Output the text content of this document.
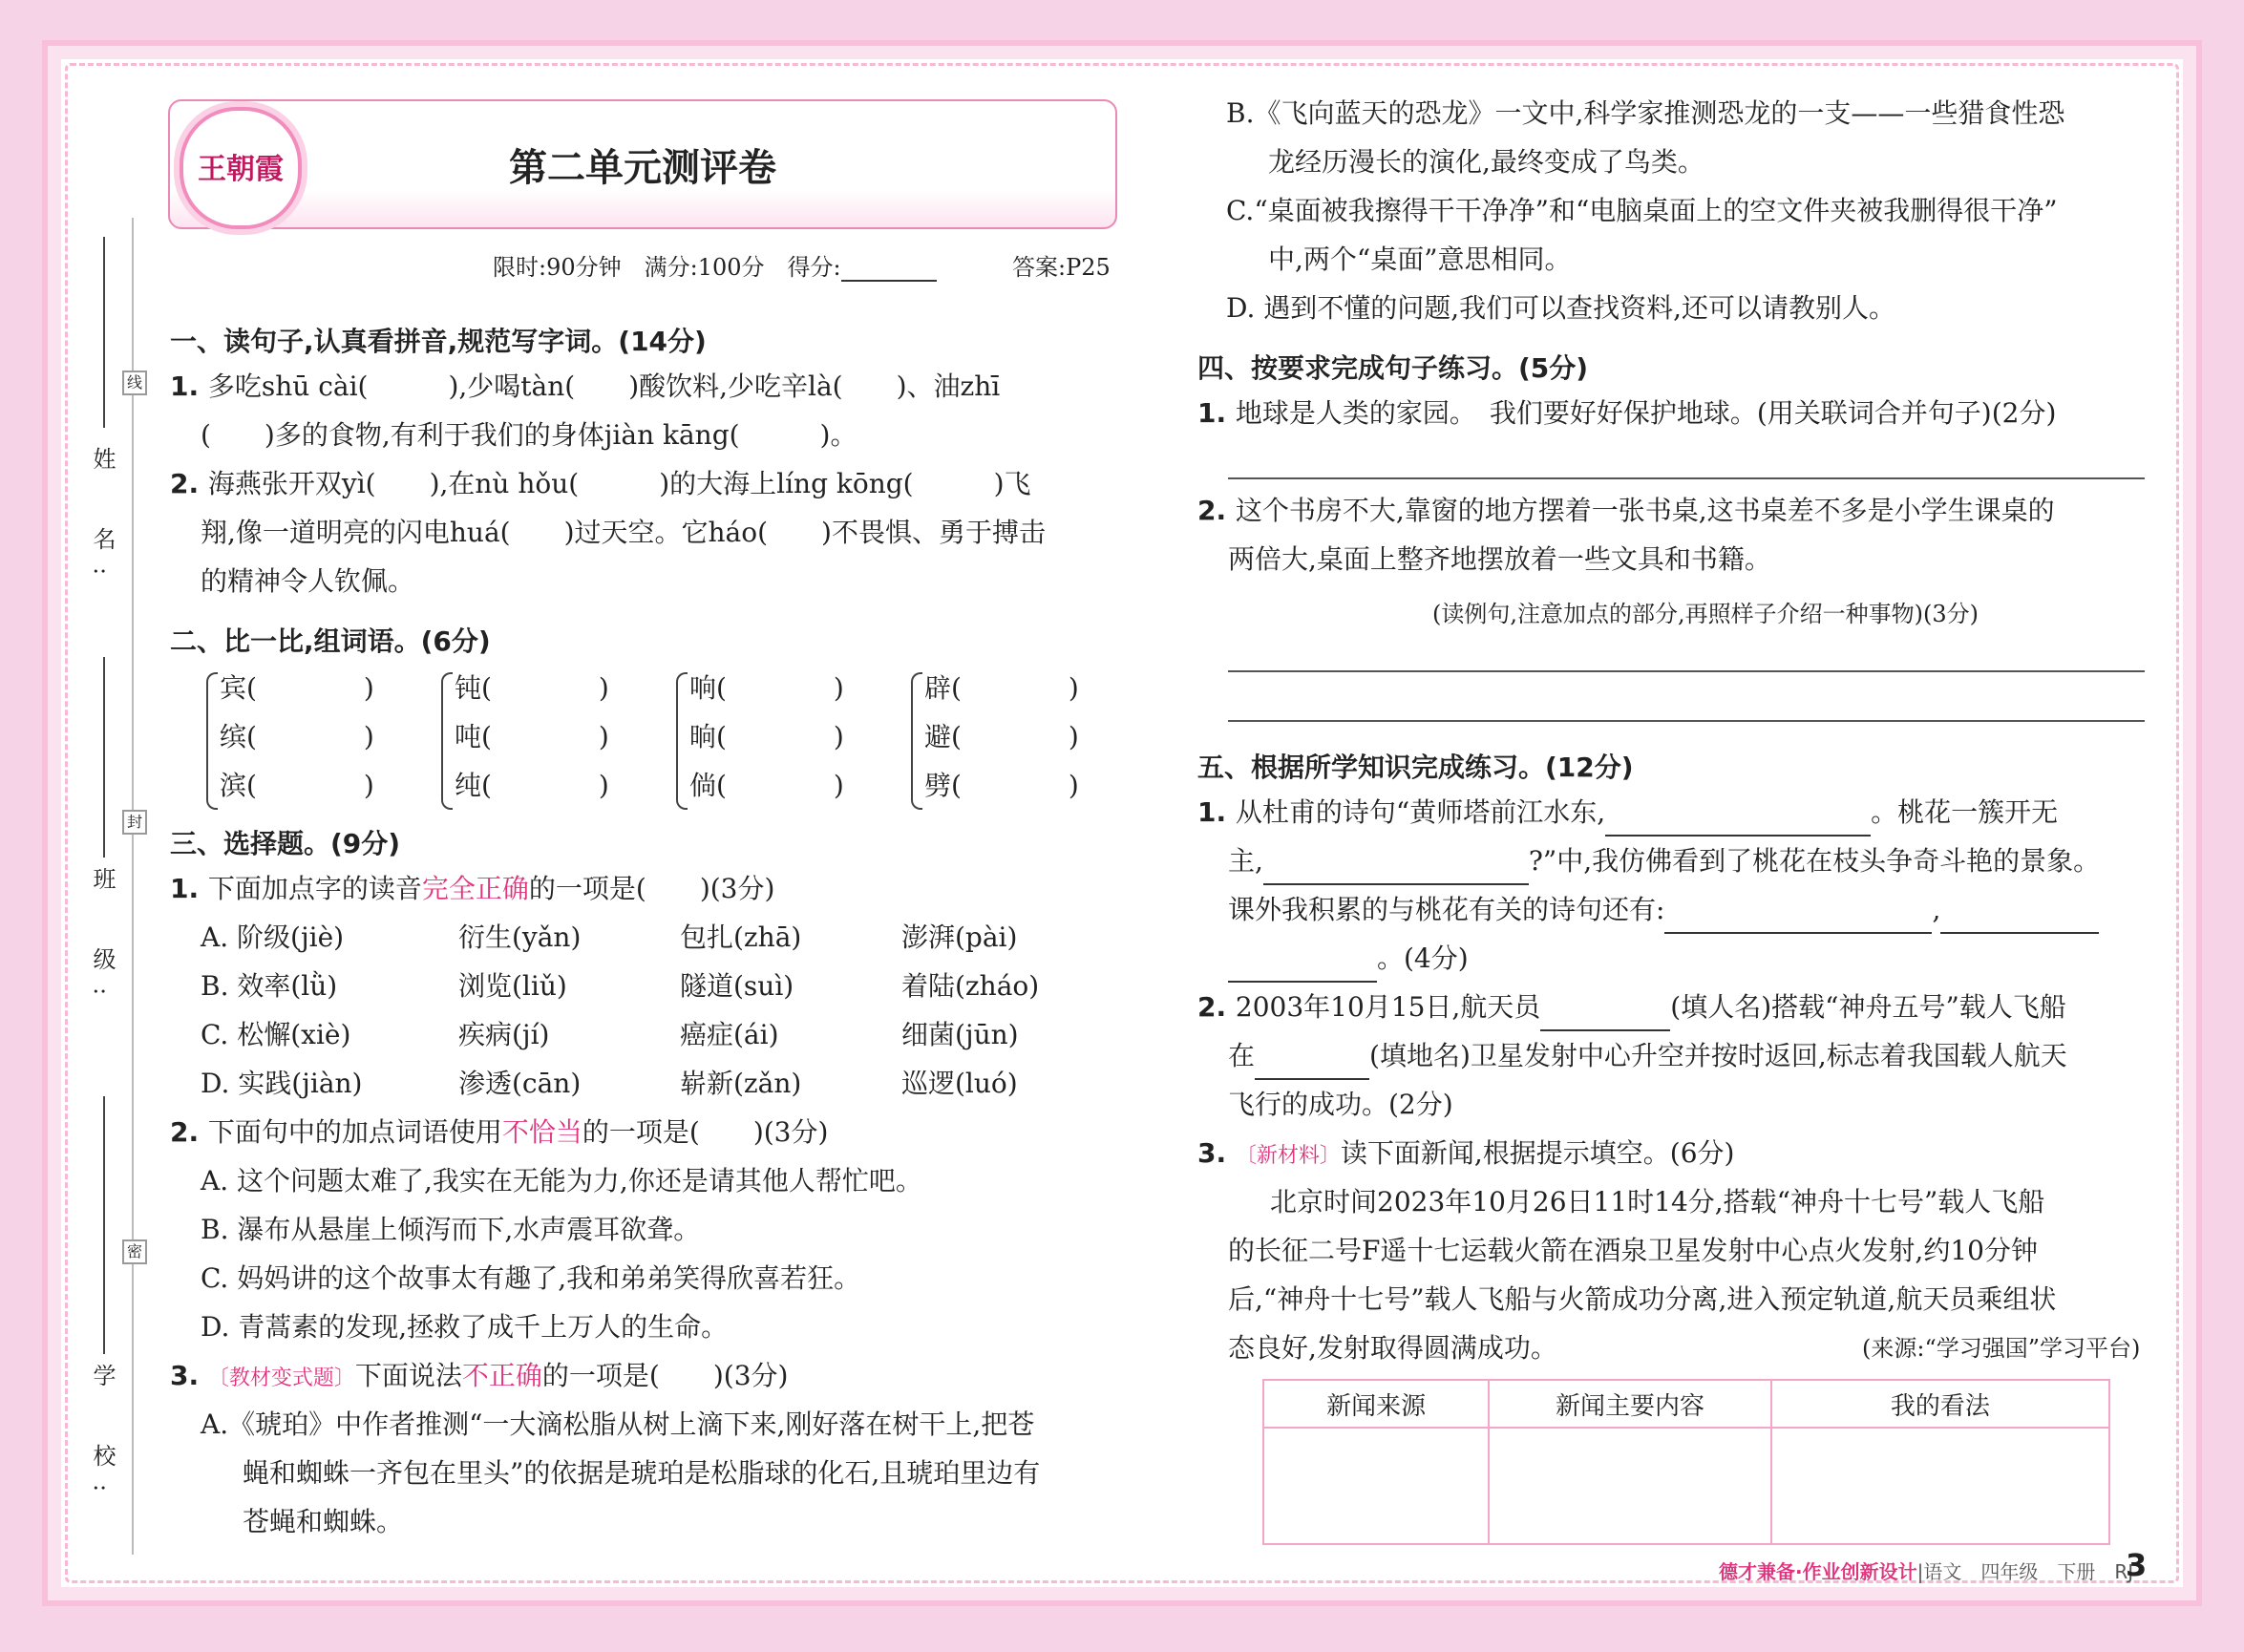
姓　名:
班　级:
学　校:
线
封
密
王朝霞	第二单元测评卷
限时:90分钟　满分:100分　得分:	答案:P25
一、读句子,认真看拼音,规范写字词。(14分)
1. 多吃shū cài(　　　),少喝tàn(　　)酸饮料,少吃辛là(　　)、油zhī
(　　)多的食物,有利于我们的身体jiàn kāng(　　　)。
2. 海燕张开双yì(　　),在nù hǒu(　　　)的大海上líng kōng(　　　)飞
翔,像一道明亮的闪电huá(　　)过天空。它háo(　　)不畏惧、勇于搏击
的精神令人钦佩。
二、比一比,组词语。(6分)
宾(　　　　)
缤(　　　　)
滨(　　　　)
钝(　　　　)
吨(　　　　)
纯(　　　　)
响(　　　　)
晌(　　　　)
倘(　　　　)
辟(　　　　)
避(　　　　)
劈(　　　　)
三、选择题。(9分)
1. 下面加点字的读音完全正确的一项是(　　)(3分)
A. 阶级(jiè)	衍生(yǎn)	包扎(zhā)	澎湃(pài)
B. 效率(lǜ)	浏览(liǔ)	隧道(suì)	着陆(zháo)
C. 松懈(xiè)	疾病(jí)	癌症(ái)	细菌(jūn)
D. 实践(jiàn)	渗透(cān)	崭新(zǎn)	巡逻(luó)
2. 下面句中的加点词语使用不恰当的一项是(　　)(3分)
A. 这个问题太难了,我实在无能为力,你还是请其他人帮忙吧。
B. 瀑布从悬崖上倾泻而下,水声震耳欲聋。
C. 妈妈讲的这个故事太有趣了,我和弟弟笑得欣喜若狂。
D. 青蒿素的发现,拯救了成千上万人的生命。
3. 〔教材变式题〕下面说法不正确的一项是(　　)(3分)
A.《琥珀》中作者推测“一大滴松脂从树上滴下来,刚好落在树干上,把苍
蝇和蜘蛛一齐包在里头”的依据是琥珀是松脂球的化石,且琥珀里边有
苍蝇和蜘蛛。
B.《飞向蓝天的恐龙》一文中,科学家推测恐龙的一支——一些猎食性恐
龙经历漫长的演化,最终变成了鸟类。
C.“桌面被我擦得干干净净”和“电脑桌面上的空文件夹被我删得很干净”
中,两个“桌面”意思相同。
D. 遇到不懂的问题,我们可以查找资料,还可以请教别人。
四、按要求完成句子练习。(5分)
1. 地球是人类的家园。　我们要好好保护地球。(用关联词合并句子)(2分)
2. 这个书房不大,靠窗的地方摆着一张书桌,这书桌差不多是小学生课桌的
两倍大,桌面上整齐地摆放着一些文具和书籍。
(读例句,注意加点的部分,再照样子介绍一种事物)(3分)
五、根据所学知识完成练习。(12分)
1. 从杜甫的诗句“黄师塔前江水东,	。桃花一簇开无
主,	?”中,我仿佛看到了桃花在枝头争奇斗艳的景象。
课外我积累的与桃花有关的诗句还有:	,
。(4分)
2. 2003年10月15日,航天员	(填人名)搭载“神舟五号”载人飞船
在	(填地名)卫星发射中心升空并按时返回,标志着我国载人航天
飞行的成功。(2分)
3. 〔新材料〕读下面新闻,根据提示填空。(6分)
北京时间2023年10月26日11时14分,搭载“神舟十七号”载人飞船
的长征二号F遥十七运载火箭在酒泉卫星发射中心点火发射,约10分钟
后,“神舟十七号”载人飞船与火箭成功分离,进入预定轨道,航天员乘组状
态良好,发射取得圆满成功。	(来源:“学习强国”学习平台)
新闻来源	新闻主要内容	我的看法

德才兼备·作业创新设计|语文　四年级　下册　RJ
3
